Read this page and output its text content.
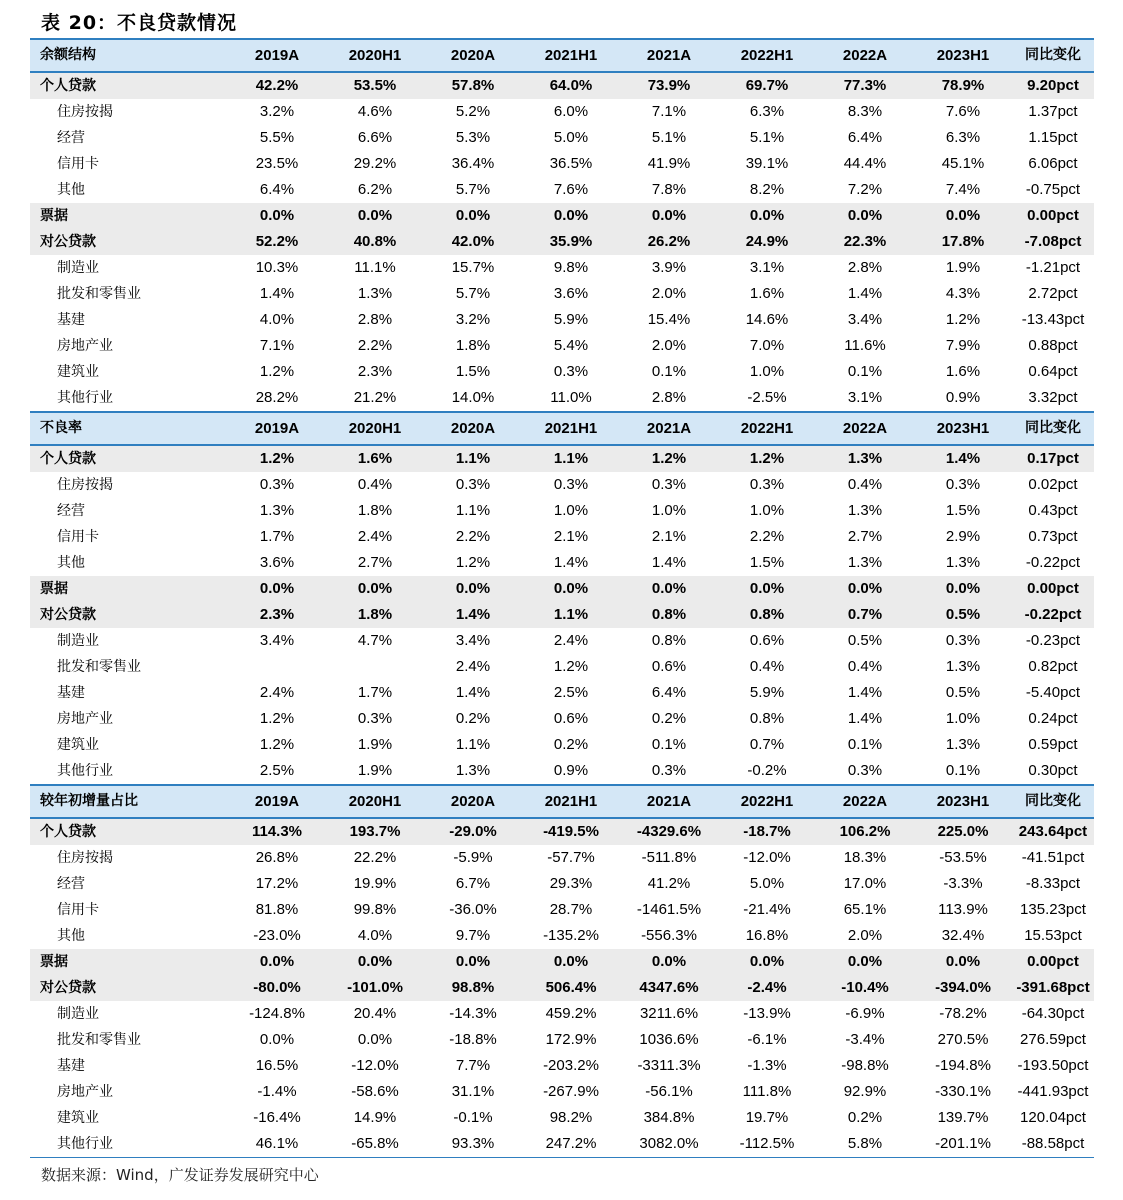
表 20：不良贷款情况
余额结构	2019A	2020H1	2020A	2021H1	2021A	2022H1	2022A	2023H1	同比变化
个人贷款	42.2%	53.5%	57.8%	64.0%	73.9%	69.7%	77.3%	78.9%	9.20pct
住房按揭	3.2%	4.6%	5.2%	6.0%	7.1%	6.3%	8.3%	7.6%	1.37pct
经营	5.5%	6.6%	5.3%	5.0%	5.1%	5.1%	6.4%	6.3%	1.15pct
信用卡	23.5%	29.2%	36.4%	36.5%	41.9%	39.1%	44.4%	45.1%	6.06pct
其他	6.4%	6.2%	5.7%	7.6%	7.8%	8.2%	7.2%	7.4%	-0.75pct
票据	0.0%	0.0%	0.0%	0.0%	0.0%	0.0%	0.0%	0.0%	0.00pct
对公贷款	52.2%	40.8%	42.0%	35.9%	26.2%	24.9%	22.3%	17.8%	-7.08pct
制造业	10.3%	11.1%	15.7%	9.8%	3.9%	3.1%	2.8%	1.9%	-1.21pct
批发和零售业	1.4%	1.3%	5.7%	3.6%	2.0%	1.6%	1.4%	4.3%	2.72pct
基建	4.0%	2.8%	3.2%	5.9%	15.4%	14.6%	3.4%	1.2%	-13.43pct
房地产业	7.1%	2.2%	1.8%	5.4%	2.0%	7.0%	11.6%	7.9%	0.88pct
建筑业	1.2%	2.3%	1.5%	0.3%	0.1%	1.0%	0.1%	1.6%	0.64pct
其他行业	28.2%	21.2%	14.0%	11.0%	2.8%	-2.5%	3.1%	0.9%	3.32pct
不良率	2019A	2020H1	2020A	2021H1	2021A	2022H1	2022A	2023H1	同比变化
个人贷款	1.2%	1.6%	1.1%	1.1%	1.2%	1.2%	1.3%	1.4%	0.17pct
住房按揭	0.3%	0.4%	0.3%	0.3%	0.3%	0.3%	0.4%	0.3%	0.02pct
经营	1.3%	1.8%	1.1%	1.0%	1.0%	1.0%	1.3%	1.5%	0.43pct
信用卡	1.7%	2.4%	2.2%	2.1%	2.1%	2.2%	2.7%	2.9%	0.73pct
其他	3.6%	2.7%	1.2%	1.4%	1.4%	1.5%	1.3%	1.3%	-0.22pct
票据	0.0%	0.0%	0.0%	0.0%	0.0%	0.0%	0.0%	0.0%	0.00pct
对公贷款	2.3%	1.8%	1.4%	1.1%	0.8%	0.8%	0.7%	0.5%	-0.22pct
制造业	3.4%	4.7%	3.4%	2.4%	0.8%	0.6%	0.5%	0.3%	-0.23pct
批发和零售业			2.4%	1.2%	0.6%	0.4%	0.4%	1.3%	0.82pct
基建	2.4%	1.7%	1.4%	2.5%	6.4%	5.9%	1.4%	0.5%	-5.40pct
房地产业	1.2%	0.3%	0.2%	0.6%	0.2%	0.8%	1.4%	1.0%	0.24pct
建筑业	1.2%	1.9%	1.1%	0.2%	0.1%	0.7%	0.1%	1.3%	0.59pct
其他行业	2.5%	1.9%	1.3%	0.9%	0.3%	-0.2%	0.3%	0.1%	0.30pct
较年初增量占比	2019A	2020H1	2020A	2021H1	2021A	2022H1	2022A	2023H1	同比变化
个人贷款	114.3%	193.7%	-29.0%	-419.5%	-4329.6%	-18.7%	106.2%	225.0%	243.64pct
住房按揭	26.8%	22.2%	-5.9%	-57.7%	-511.8%	-12.0%	18.3%	-53.5%	-41.51pct
经营	17.2%	19.9%	6.7%	29.3%	41.2%	5.0%	17.0%	-3.3%	-8.33pct
信用卡	81.8%	99.8%	-36.0%	28.7%	-1461.5%	-21.4%	65.1%	113.9%	135.23pct
其他	-23.0%	4.0%	9.7%	-135.2%	-556.3%	16.8%	2.0%	32.4%	15.53pct
票据	0.0%	0.0%	0.0%	0.0%	0.0%	0.0%	0.0%	0.0%	0.00pct
对公贷款	-80.0%	-101.0%	98.8%	506.4%	4347.6%	-2.4%	-10.4%	-394.0%	-391.68pct
制造业	-124.8%	20.4%	-14.3%	459.2%	3211.6%	-13.9%	-6.9%	-78.2%	-64.30pct
批发和零售业	0.0%	0.0%	-18.8%	172.9%	1036.6%	-6.1%	-3.4%	270.5%	276.59pct
基建	16.5%	-12.0%	7.7%	-203.2%	-3311.3%	-1.3%	-98.8%	-194.8%	-193.50pct
房地产业	-1.4%	-58.6%	31.1%	-267.9%	-56.1%	111.8%	92.9%	-330.1%	-441.93pct
建筑业	-16.4%	14.9%	-0.1%	98.2%	384.8%	19.7%	0.2%	139.7%	120.04pct
其他行业	46.1%	-65.8%	93.3%	247.2%	3082.0%	-112.5%	5.8%	-201.1%	-88.58pct
数据来源：Wind，广发证券发展研究中心
